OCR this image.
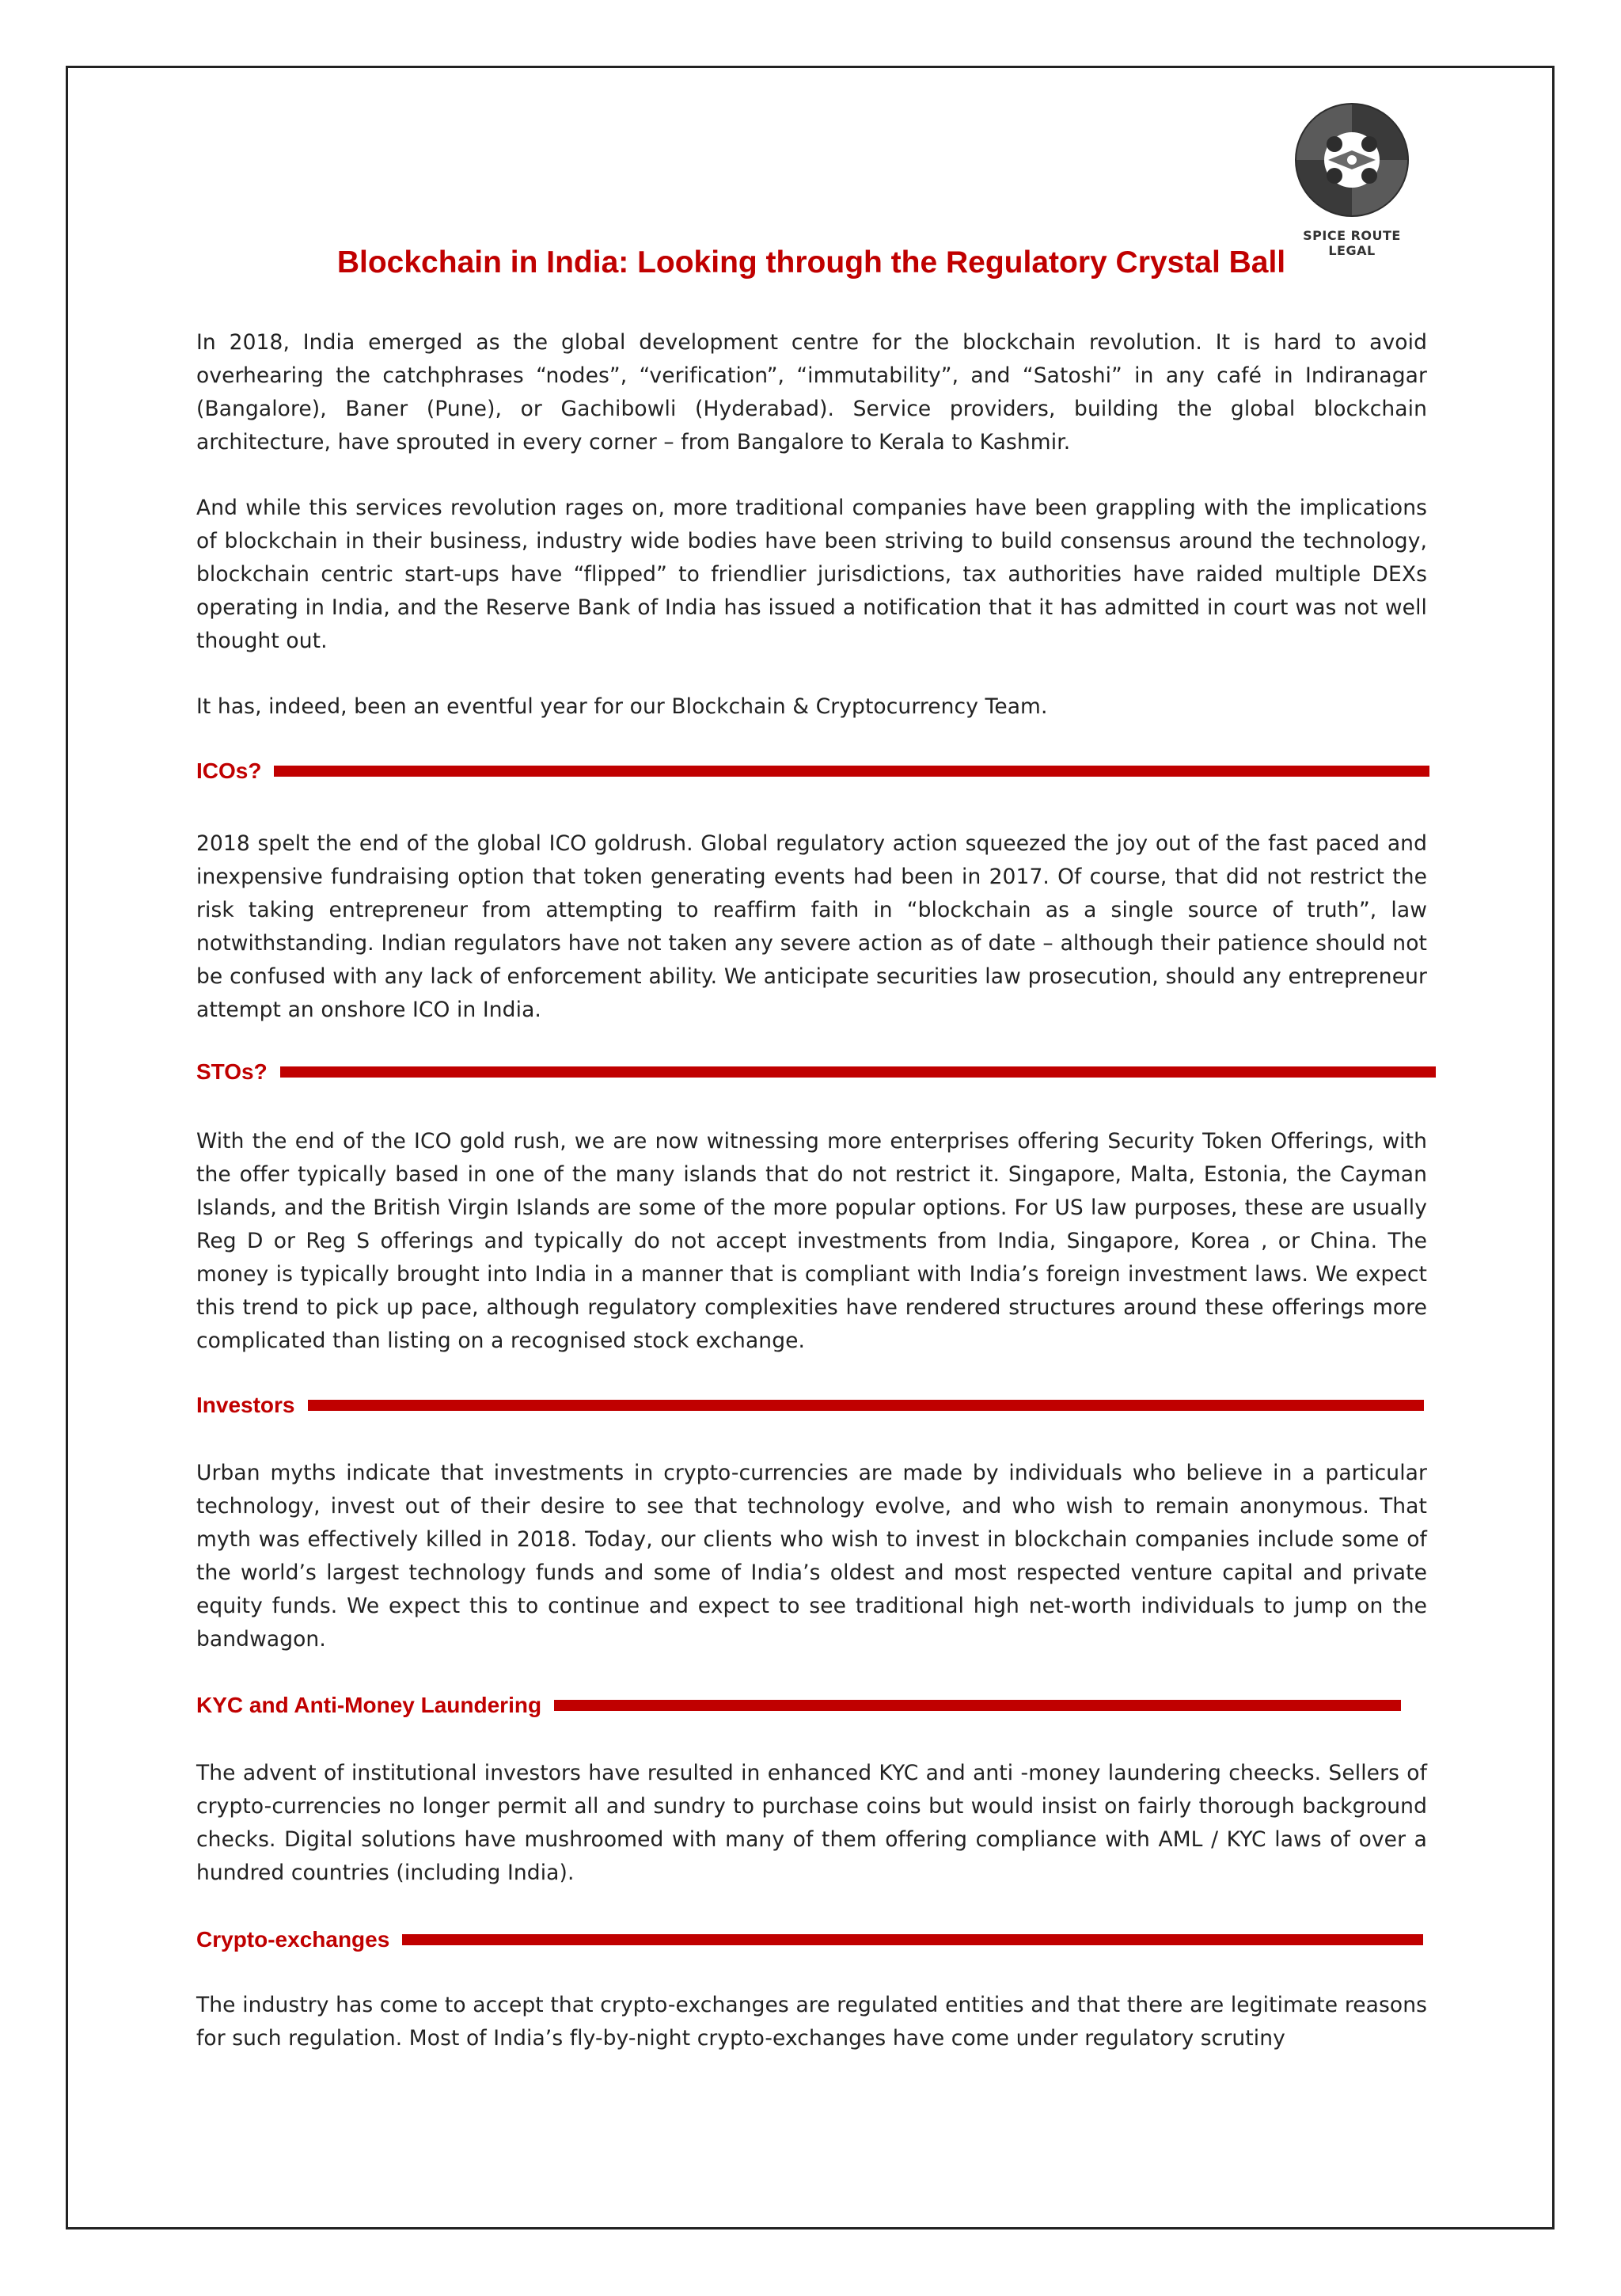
SPICE ROUTE LEGAL
Blockchain in India: Looking through the Regulatory Crystal Ball

In 2018, India emerged as the global development centre for the blockchain revolution. It is hard to avoid overhearing the catchphrases “nodes”, “verification”, “immutability”, and “Satoshi” in any café in Indiranagar (Bangalore), Baner (Pune), or Gachibowli (Hyderabad). Service providers, building the global blockchain architecture, have sprouted in every corner – from Bangalore to Kerala to Kashmir.

And while this services revolution rages on, more traditional companies have been grappling with the implications of blockchain in their business, industry wide bodies have been striving to build consensus around the technology, blockchain centric start-ups have “flipped” to friendlier jurisdictions, tax authorities have raided multiple DEXs operating in India, and the Reserve Bank of India has issued a notification that it has admitted in court was not well thought out.

It has, indeed, been an eventful year for our Blockchain & Cryptocurrency Team.

ICOs?

2018 spelt the end of the global ICO goldrush. Global regulatory action squeezed the joy out of the fast paced and inexpensive fundraising option that token generating events had been in 2017. Of course, that did not restrict the risk taking entrepreneur from attempting to reaffirm faith in “blockchain as a single source of truth”, law notwithstanding. Indian regulators have not taken any severe action as of date – although their patience should not be confused with any lack of enforcement ability. We anticipate securities law prosecution, should any entrepreneur attempt an onshore ICO in India.

STOs?

With the end of the ICO gold rush, we are now witnessing more enterprises offering Security Token Offerings, with the offer typically based in one of the many islands that do not restrict it. Singapore, Malta, Estonia, the Cayman Islands, and the British Virgin Islands are some of the more popular options. For US law purposes, these are usually Reg D or Reg S offerings and typically do not accept investments from India, Singapore, Korea , or China. The money is typically brought into India in a manner that is compliant with India’s foreign investment laws. We expect this trend to pick up pace, although regulatory complexities have rendered structures around these offerings more complicated than listing on a recognised stock exchange.

Investors

Urban myths indicate that investments in crypto-currencies are made by individuals who believe in a particular technology, invest out of their desire to see that technology evolve, and who wish to remain anonymous. That myth was effectively killed in 2018. Today, our clients who wish to invest in blockchain companies include some of the world’s largest technology funds and some of India’s oldest and most respected venture capital and private equity funds. We expect this to continue and expect to see traditional high net-worth individuals to jump on the bandwagon.

KYC and Anti-Money Laundering

The advent of institutional investors have resulted in enhanced KYC and anti -money laundering cheecks. Sellers of crypto-currencies no longer permit all and sundry to purchase coins but would insist on fairly thorough background checks. Digital solutions have mushroomed with many of them offering compliance with AML / KYC laws of over a hundred countries (including India).

Crypto-exchanges

The industry has come to accept that crypto-exchanges are regulated entities and that there are legitimate reasons for such regulation. Most of India’s fly-by-night crypto-exchanges have come under regulatory scrutiny
